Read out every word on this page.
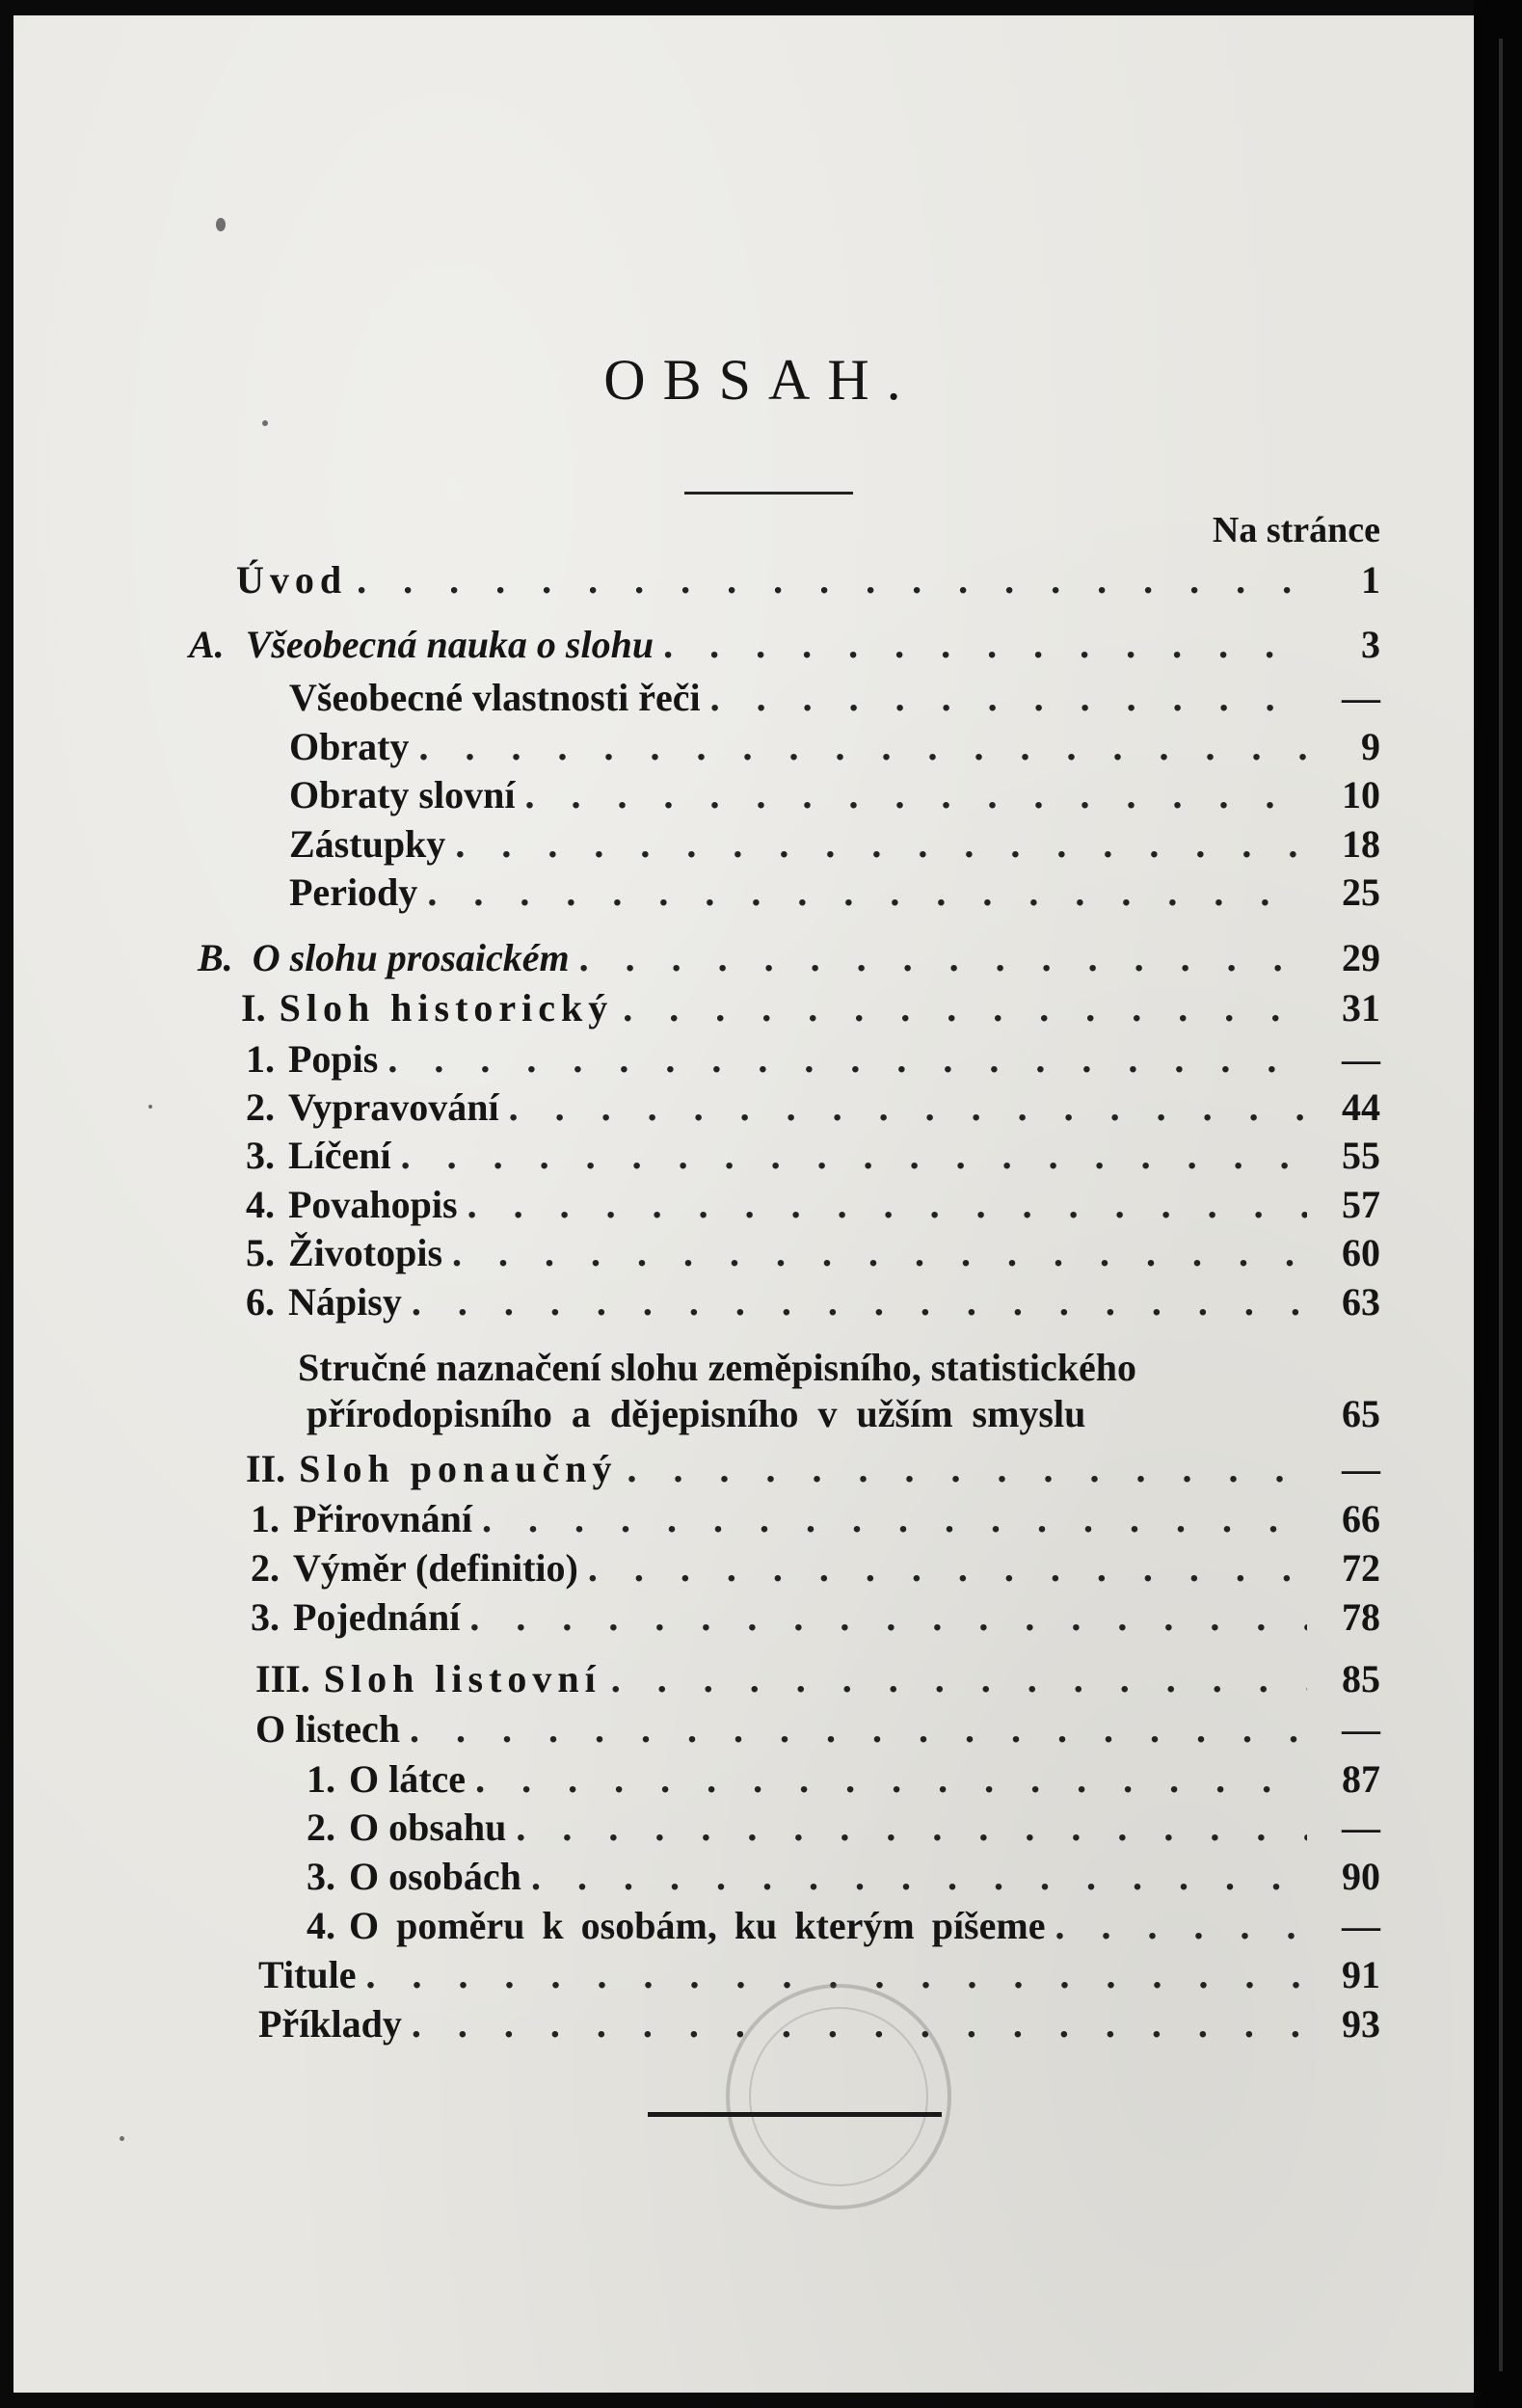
OBSAH.
Na stránce
Úvod . . .	1
A. Všeobecná nauka o slohu . . .	3
Všeobecné vlastnosti řeči . . .	—
Obraty . . .	9
Obraty slovní . . .	10
Zástupky . . .	18
Periody . . .	25
B. O slohu prosaickém . . .	29
I. Sloh historický . . .	31
1. Popis . . .	—
2. Vypravování . . .	44
3. Líčení . . .	55
4. Povahopis . . .	57
5. Životopis . . .	60
6. Nápisy . . .	63
Stručné naznačení slohu zeměpisního, statistického
přírodopisního a dějepisního v užším smyslu	65
II. Sloh ponaučný . . .	—
1. Přirovnání . . .	66
2. Výměr (definitio) . . .	72
3. Pojednání . . .	78
III. Sloh listovní . . .	85
O listech . . .	—
1. O látce . . .	87
2. O obsahu . . .	—
3. O osobách . . .	90
4. O poměru k osobám, ku kterým píšeme . . .	—
Titule . . .	91
Příklady . . .	93
